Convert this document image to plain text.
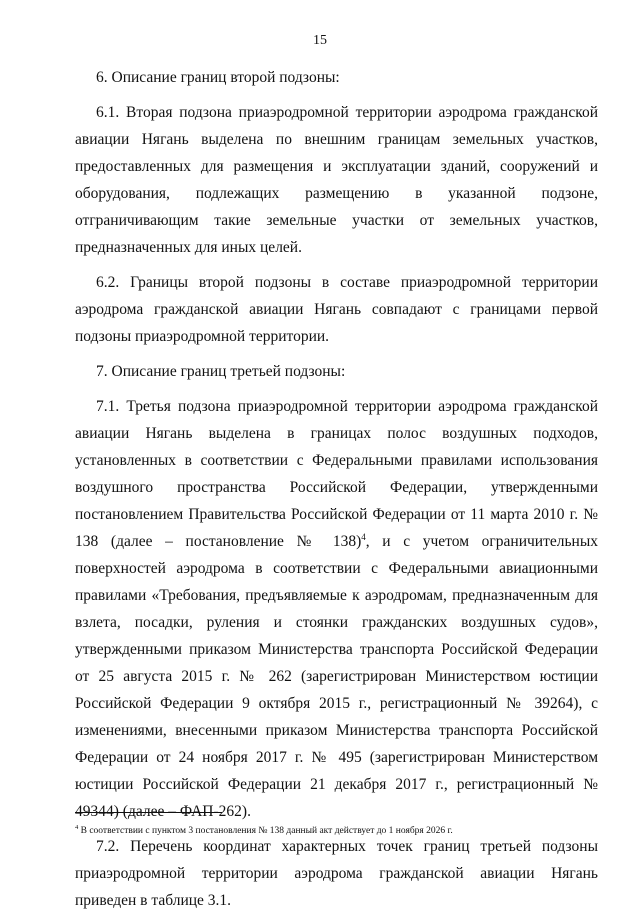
15

6. Описание границ второй подзоны:

6.1. Вторая подзона приаэродромной территории аэродрома гражданской авиации Нягань выделена по внешним границам земельных участков, предоставленных для размещения и эксплуатации зданий, сооружений и оборудования, подлежащих размещению в указанной подзоне, отграничивающим такие земельные участки от земельных участков, предназначенных для иных целей.

6.2. Границы второй подзоны в составе приаэродромной территории аэродрома гражданской авиации Нягань совпадают с границами первой подзоны приаэродромной территории.

7. Описание границ третьей подзоны:

7.1. Третья подзона приаэродромной территории аэродрома гражданской авиации Нягань выделена в границах полос воздушных подходов, установленных в соответствии с Федеральными правилами использования воздушного пространства Российской Федерации, утвержденными постановлением Правительства Российской Федерации от 11 марта 2010 г. № 138 (далее – постановление № 138)$^4$, и с учетом ограничительных поверхностей аэродрома в соответствии с Федеральными авиационными правилами «Требования, предъявляемые к аэродромам, предназначенным для взлета, посадки, руления и стоянки гражданских воздушных судов», утвержденными приказом Министерства транспорта Российской Федерации от 25 августа 2015 г. № 262 (зарегистрирован Министерством юстиции Российской Федерации 9 октября 2015 г., регистрационный № 39264), с изменениями, внесенными приказом Министерства транспорта Российской Федерации от 24 ноября 2017 г. № 495 (зарегистрирован Министерством юстиции Российской Федерации 21 декабря 2017 г., регистрационный № 49344) (далее – ФАП-262).

7.2. Перечень координат характерных точек границ третьей подзоны приаэродромной территории аэродрома гражданской авиации Нягань приведен в таблице 3.1.

$^4$ В соответствии с пунктом 3 постановления № 138 данный акт действует до 1 ноября 2026 г.
